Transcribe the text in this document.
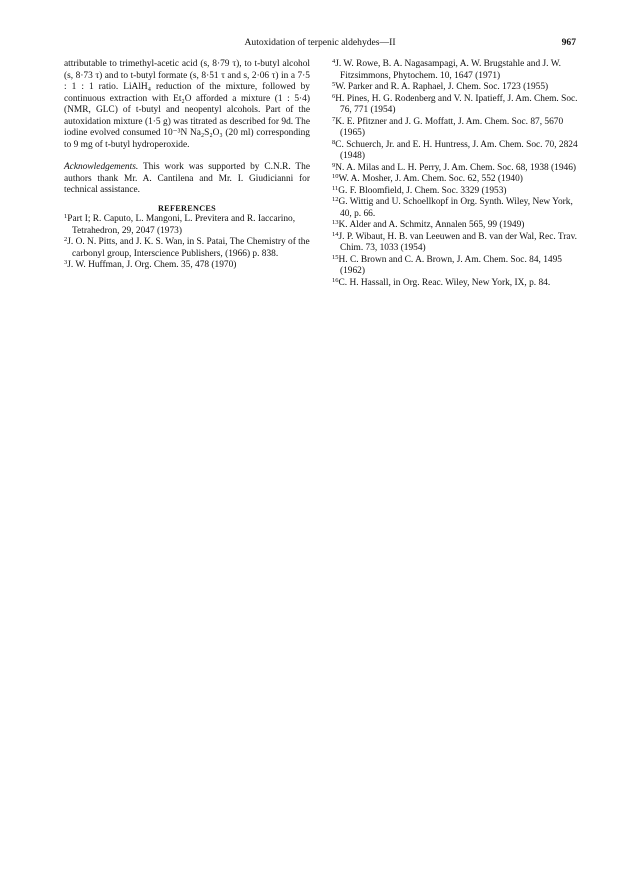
Autoxidation of terpenic aldehydes—II	967

attributable to trimethyl-acetic acid (s, 8·79 τ), to t-butyl alcohol (s, 8·73 τ) and to t-butyl formate (s, 8·51 τ and s, 2·06 τ) in a 7·5 : 1 : 1 ratio. LiAlH₄ reduction of the mixture, followed by continuous extraction with Et₂O afforded a mixture (1 : 5·4) (NMR, GLC) of t-butyl and neopentyl alcohols. Part of the autoxidation mixture (1·5 g) was titrated as described for 9d. The iodine evolved consumed 10⁻³N Na₂S₂O₃ (20 ml) corresponding to 9 mg of t-butyl hydroperoxide.

Acknowledgements. This work was supported by C.N.R. The authors thank Mr. A. Cantilena and Mr. I. Giudicianni for technical assistance.

REFERENCES

$^1$Part I; R. Caputo, L. Mangoni, L. Previtera and R. Iaccarino, Tetrahedron, 29, 2047 (1973)

$^2$J. O. N. Pitts, and J. K. S. Wan, in S. Patai, The Chemistry of the carbonyl group, Interscience Publishers, (1966) p. 838.

$^3$J. W. Huffman, J. Org. Chem. 35, 478 (1970)

$^4$J. W. Rowe, B. A. Nagasampagi, A. W. Brugstahle and J. W. Fitzsimmons, Phytochem. 10, 1647 (1971)

$^5$W. Parker and R. A. Raphael, J. Chem. Soc. 1723 (1955)

$^6$H. Pines, H. G. Rodenberg and V. N. Ipatieff, J. Am. Chem. Soc. 76, 771 (1954)

$^7$K. E. Pfitzner and J. G. Moffatt, J. Am. Chem. Soc. 87, 5670 (1965)

$^8$C. Schuerch, Jr. and E. H. Huntress, J. Am. Chem. Soc. 70, 2824 (1948)

$^9$N. A. Milas and L. H. Perry, J. Am. Chem. Soc. 68, 1938 (1946)

$^{10}$W. A. Mosher, J. Am. Chem. Soc. 62, 552 (1940)

$^{11}$G. F. Bloomfield, J. Chem. Soc. 3329 (1953)

$^{12}$G. Wittig and U. Schoellkopf in Org. Synth. Wiley, New York, 40, p. 66.

$^{13}$K. Alder and A. Schmitz, Annalen 565, 99 (1949)

$^{14}$J. P. Wibaut, H. B. van Leeuwen and B. van der Wal, Rec. Trav. Chim. 73, 1033 (1954)

$^{15}$H. C. Brown and C. A. Brown, J. Am. Chem. Soc. 84, 1495 (1962)

$^{16}$C. H. Hassall, in Org. Reac. Wiley, New York, IX, p. 84.
